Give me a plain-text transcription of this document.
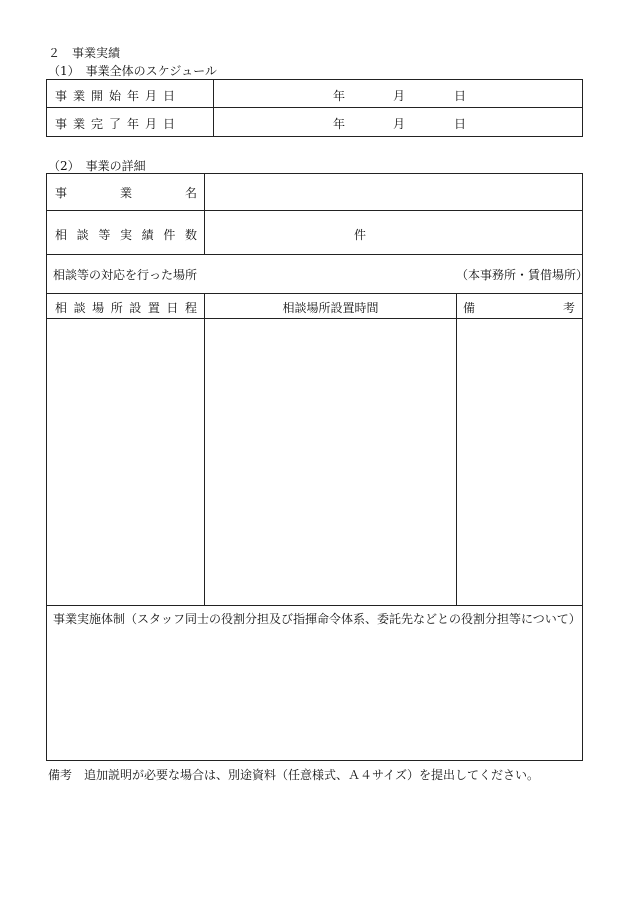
２　事業実績
（1）　事業全体のスケジュール
事業開始年月日	年	月	日
事業完了年月日	年	月	日
（2）　事業の詳細
事　　業　　名
相談等実績件数	件
相談等の対応を行った場所	（本事務所・賃借場所）
相談場所設置日程	相談場所設置時間	備　　　　考
事業実施体制（スタッフ同士の役割分担及び指揮命令体系、委託先などとの役割分担等について）
備考　追加説明が必要な場合は、別途資料（任意様式、Ａ４サイズ）を提出してください。
